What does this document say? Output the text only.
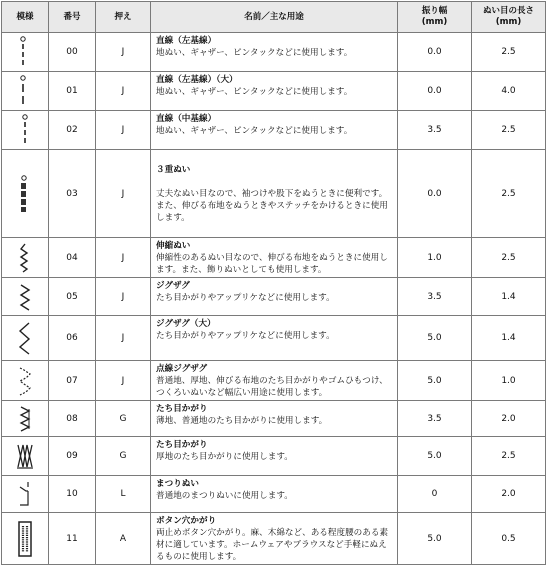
模様	番号	押え	名前／主な用途	振り幅
(mm)	ぬい目の長さ
(mm)

	00	J	直線（左基線）
地ぬい、ギャザー、ピンタックなどに使用します。	0.0	2.5

	01	J	直線（左基線）（大）
地ぬい、ギャザー、ピンタックなどに使用します。	0.0	4.0

	02	J	直線（中基線）
地ぬい、ギャザー、ピンタックなどに使用します。	3.5	2.5

	03	J	３重ぬい

丈夫なぬい目なので、袖つけや股下をぬうときに便利です。
また、伸びる布地をぬうときやステッチをかけるときに使用します。	0.0	2.5

	04	J	伸縮ぬい
伸縮性のあるぬい目なので、伸びる布地をぬうときに使用します。また、飾りぬいとしても使用します。	1.0	2.5

	05	J	ジグザグ
たち目かがりやアップリケなどに使用します。	3.5	1.4

	06	J	ジグザグ（大）
たち目かがりやアップリケなどに使用します。	5.0	1.4

	07	J	点線ジグザグ
普通地、厚地、伸びる布地のたち目かがりやゴムひもつけ、つくろいぬいなど幅広い用途に使用します。	5.0	1.0

	08	G	たち目かがり
薄地、普通地のたち目かがりに使用します。	3.5	2.0

	09	G	たち目かがり
厚地のたち目かがりに使用します。	5.0	2.5

	10	L	まつりぬい
普通地のまつりぬいに使用します。	0	2.0

	11	A	ボタン穴かがり
両止めボタン穴かがり。麻、木綿など、ある程度腰のある素材に適しています。ホームウェアやブラウスなど手軽にぬえるものに使用します。	5.0	0.5
